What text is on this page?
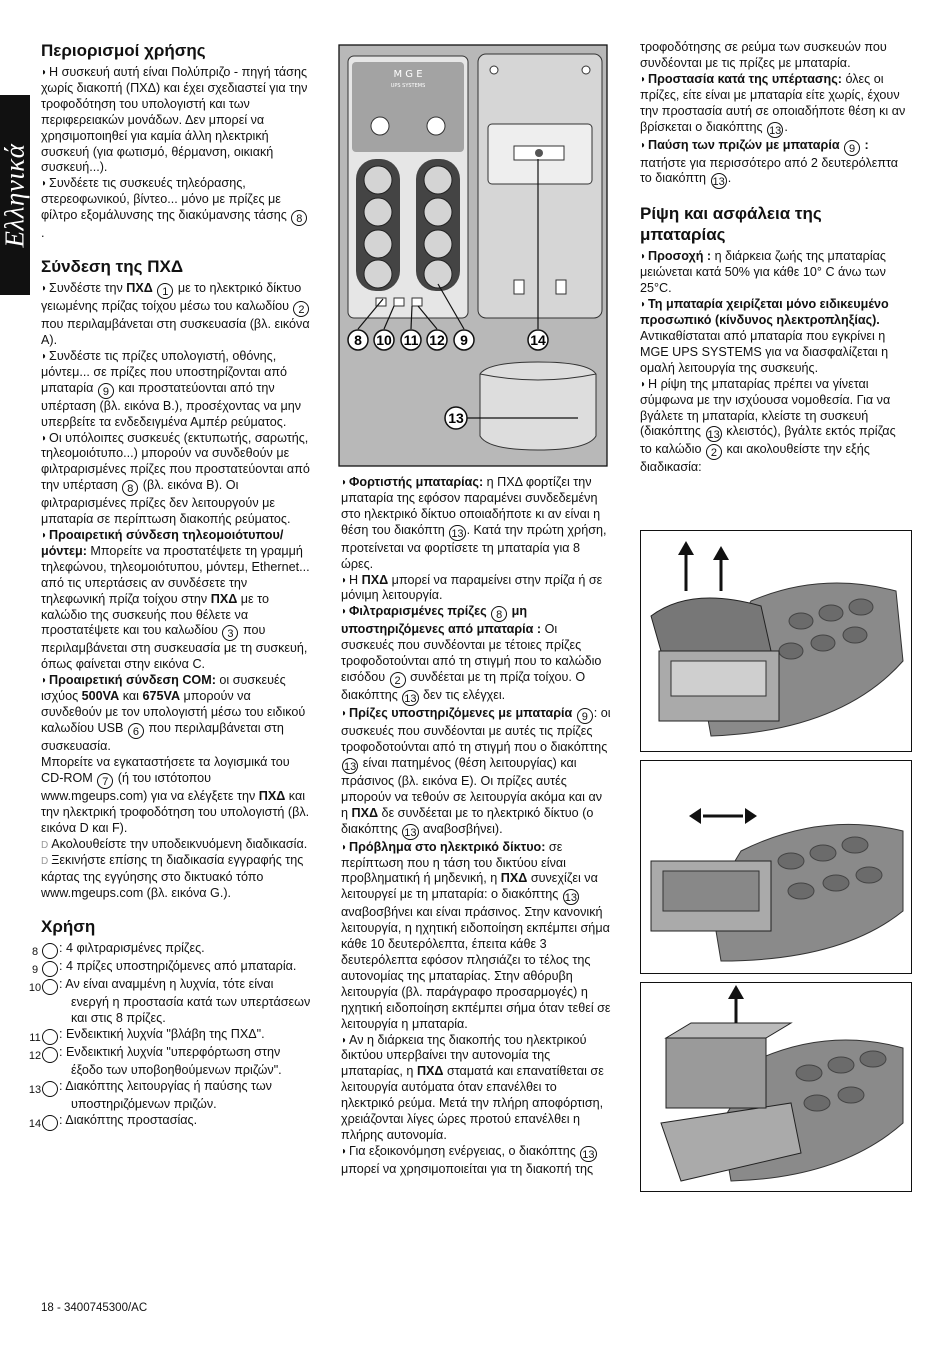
Ελληνικά
Περιορισμοί χρήσης

◗ Η συσκευή αυτή είναι Πολύπριζο - πηγή τάσης χωρίς διακοπή (ΠΧΔ) και έχει σχεδιαστεί για την τροφοδότηση του υπολογιστή και των περιφερειακών μονάδων. Δεν μπορεί να χρησιμοποιηθεί για καμία άλλη ηλεκτρική συσκευή (για φωτισμό, θέρμανση, οικιακή συσκευή...).

◗ Συνδέετε τις συσκευές τηλεόρασης, στερεοφωνικού, βίντεο... μόνο με πρίζες με φίλτρο εξομάλυνσης της διακύμανσης τάσης 8.

Σύνδεση της ΠΧΔ

◗ Συνδέστε την ΠΧΔ 1 με το ηλεκτρικό δίκτυο γειωμένης πρίζας τοίχου μέσω του καλωδίου 2 που περιλαμβάνεται στη συσκευασία (βλ. εικόνα A).

◗ Συνδέστε τις πρίζες υπολογιστή, οθόνης, μόντεμ... σε πρίζες που υποστηρίζονται από μπαταρία 9 και προστατεύονται από την υπέρταση (βλ. εικόνα B.), προσέχοντας να μην υπερβείτε τα ενδεδειγμένα Αμπέρ ρεύματος.

◗ Οι υπόλοιπες συσκευές (εκτυπωτής, σαρωτής, τηλεομοιότυπο...) μπορούν να συνδεθούν με φιλτραρισμένες πρίζες που προστατεύονται από την υπέρταση 8 (βλ. εικόνα B). Οι φιλτραρισμένες πρίζες δεν λειτουργούν με μπαταρία σε περίπτωση διακοπής ρεύματος.

◗ Προαιρετική σύνδεση τηλεομοιότυπου/μόντεμ: Μπορείτε να προστατέψετε τη γραμμή τηλεφώνου, τηλεομοιότυπου, μόντεμ, Ethernet... από τις υπερτάσεις αν συνδέσετε την τηλεφωνική πρίζα τοίχου στην ΠΧΔ με το καλώδιο της συσκευής που θέλετε να προστατέψετε και του καλωδίου 3 που περιλαμβάνεται στη συσκευασία με τη συσκευή, όπως φαίνεται στην εικόνα C.

◗ Προαιρετική σύνδεση COM: οι συσκευές ισχύος 500VA και 675VA μπορούν να συνδεθούν με τον υπολογιστή μέσω του ειδικού καλωδίου USB 6 που περιλαμβάνεται στη συσκευασία.

Μπορείτε να εγκαταστήσετε τα λογισμικά του CD-ROM 7 (ή του ιστότοπου www.mgeups.com) για να ελέγξετε την ΠΧΔ και την ηλεκτρική τροφοδότηση του υπολογιστή (βλ. εικόνα D και F).

D Ακολουθείστε την υποδεικνυόμενη διαδικασία.

D Ξεκινήστε επίσης τη διαδικασία εγγραφής της κάρτας της εγγύησης στο δικτυακό τόπο www.mgeups.com (βλ. εικόνα G.).

Χρήση

8 : 4 φιλτραρισμένες πρίζες.

9 : 4 πρίζες υποστηριζόμενες από μπαταρία.

10 : Αν είναι αναμμένη η λυχνία, τότε είναι ενεργή η προστασία κατά των υπερτάσεων και στις 8 πρίζες.

11 : Ενδεικτική λυχνία "βλάβη της ΠΧΔ".

12 : Ενδεικτική λυχνία "υπερφόρτωση στην έξοδο των υποβοηθούμενων πριζών".

13 : Διακόπτης λειτουργίας ή παύσης των υποστηριζόμενων πριζών.

14 : Διακόπτης προστασίας.

18 - 3400745300/AC
M G E
UPS SYSTEMS
8 10 11 12 9	14
13

◗ Φορτιστής μπαταρίας: η ΠΧΔ φορτίζει την μπαταρία της εφόσον παραμένει συνδεδεμένη στο ηλεκτρικό δίκτυο οποιαδήποτε κι αν είναι η θέση του διακόπτη 13 . Κατά την πρώτη χρήση, προτείνεται να φορτίσετε τη μπαταρία για 8 ώρες.

◗ Η ΠΧΔ μπορεί να παραμείνει στην πρίζα ή σε μόνιμη λειτουργία.

◗ Φιλτραρισμένες πρίζες 8 μη υποστηριζόμενες από μπαταρία : Οι συσκευές που συνδέονται με τέτοιες πρίζες τροφοδοτούνται από τη στιγμή που το καλώδιο εισόδου 2 συνδέεται με τη πρίζα τοίχου. Ο διακόπτης 13 δεν τις ελέγχει.

◗ Πρίζες υποστηριζόμενες με μπαταρία 9 : οι συσκευές που συνδέονται με αυτές τις πρίζες τροφοδοτούνται από τη στιγμή που ο διακόπτης 13 είναι πατημένος (θέση λειτουργίας) και πράσινος (βλ. εικόνα E). Οι πρίζες αυτές μπορούν να τεθούν σε λειτουργία ακόμα και αν η ΠΧΔ δε συνδέεται με το ηλεκτρικό δίκτυο (ο διακόπτης 13 αναβοσβήνει).

◗ Πρόβλημα στο ηλεκτρικό δίκτυο: σε περίπτωση που η τάση του δικτύου είναι προβληματική ή μηδενική, η ΠΧΔ συνεχίζει να λειτουργεί με τη μπαταρία: ο διακόπτης 13 αναβοσβήνει και είναι πράσινος. Στην κανονική λειτουργία, η ηχητική ειδοποίηση εκπέμπει σήμα κάθε 10 δευτερόλεπτα, έπειτα κάθε 3 δευτερόλεπτα εφόσον πλησιάζει το τέλος της αυτονομίας της μπαταρίας. Στην αθόρυβη λειτουργία (βλ. παράγραφο προσαρμογές) η ηχητική ειδοποίηση εκπέμπει σήμα όταν τεθεί σε λειτουργία η μπαταρία.

◗ Αν η διάρκεια της διακοπής του ηλεκτρικού δικτύου υπερβαίνει την αυτονομία της μπαταρίας, η ΠΧΔ σταματά και επανατίθεται σε λειτουργία αυτόματα όταν επανέλθει το ηλεκτρικό ρεύμα. Μετά την πλήρη αποφόρτιση, χρειάζονται λίγες ώρες προτού επανέλθει η πλήρης αυτονομία.

◗ Για εξοικονόμηση ενέργειας, ο διακόπτης 13 μπορεί να χρησιμοποιείται για τη διακοπή της

τροφοδότησης σε ρεύμα των συσκευών που συνδέονται με τις πρίζες με μπαταρία.

◗ Προστασία κατά της υπέρτασης: όλες οι πρίζες, είτε είναι με μπαταρία είτε χωρίς, έχουν την προστασία αυτή σε οποιαδήποτε θέση κι αν βρίσκεται ο διακόπτης 13 .

◗ Παύση των πριζών με μπαταρία 9 : πατήστε για περισσότερο από 2 δευτερόλεπτα το διακόπτη 13 .

Ρίψη και ασφάλεια της μπαταρίας

◗ Προσοχή : η διάρκεια ζωής της μπαταρίας μειώνεται κατά 50% για κάθε 10° C άνω των 25°C.

◗ Τη μπαταρία χειρίζεται μόνο ειδικευμένο προσωπικό (κίνδυνος ηλεκτροπληξίας). Αντικαθίσταται από μπαταρία που εγκρίνει η MGE UPS SYSTEMS για να διασφαλίζεται η ομαλή λειτουργία της συσκευής.

◗ Η ρίψη της μπαταρίας πρέπει να γίνεται σύμφωνα με την ισχύουσα νομοθεσία. Για να βγάλετε τη μπαταρία, κλείστε τη συσκευή (διακόπτης 13 κλειστός), βγάλτε εκτός πρίζας το καλώδιο 2 και ακολουθείστε την εξής διαδικασία:
